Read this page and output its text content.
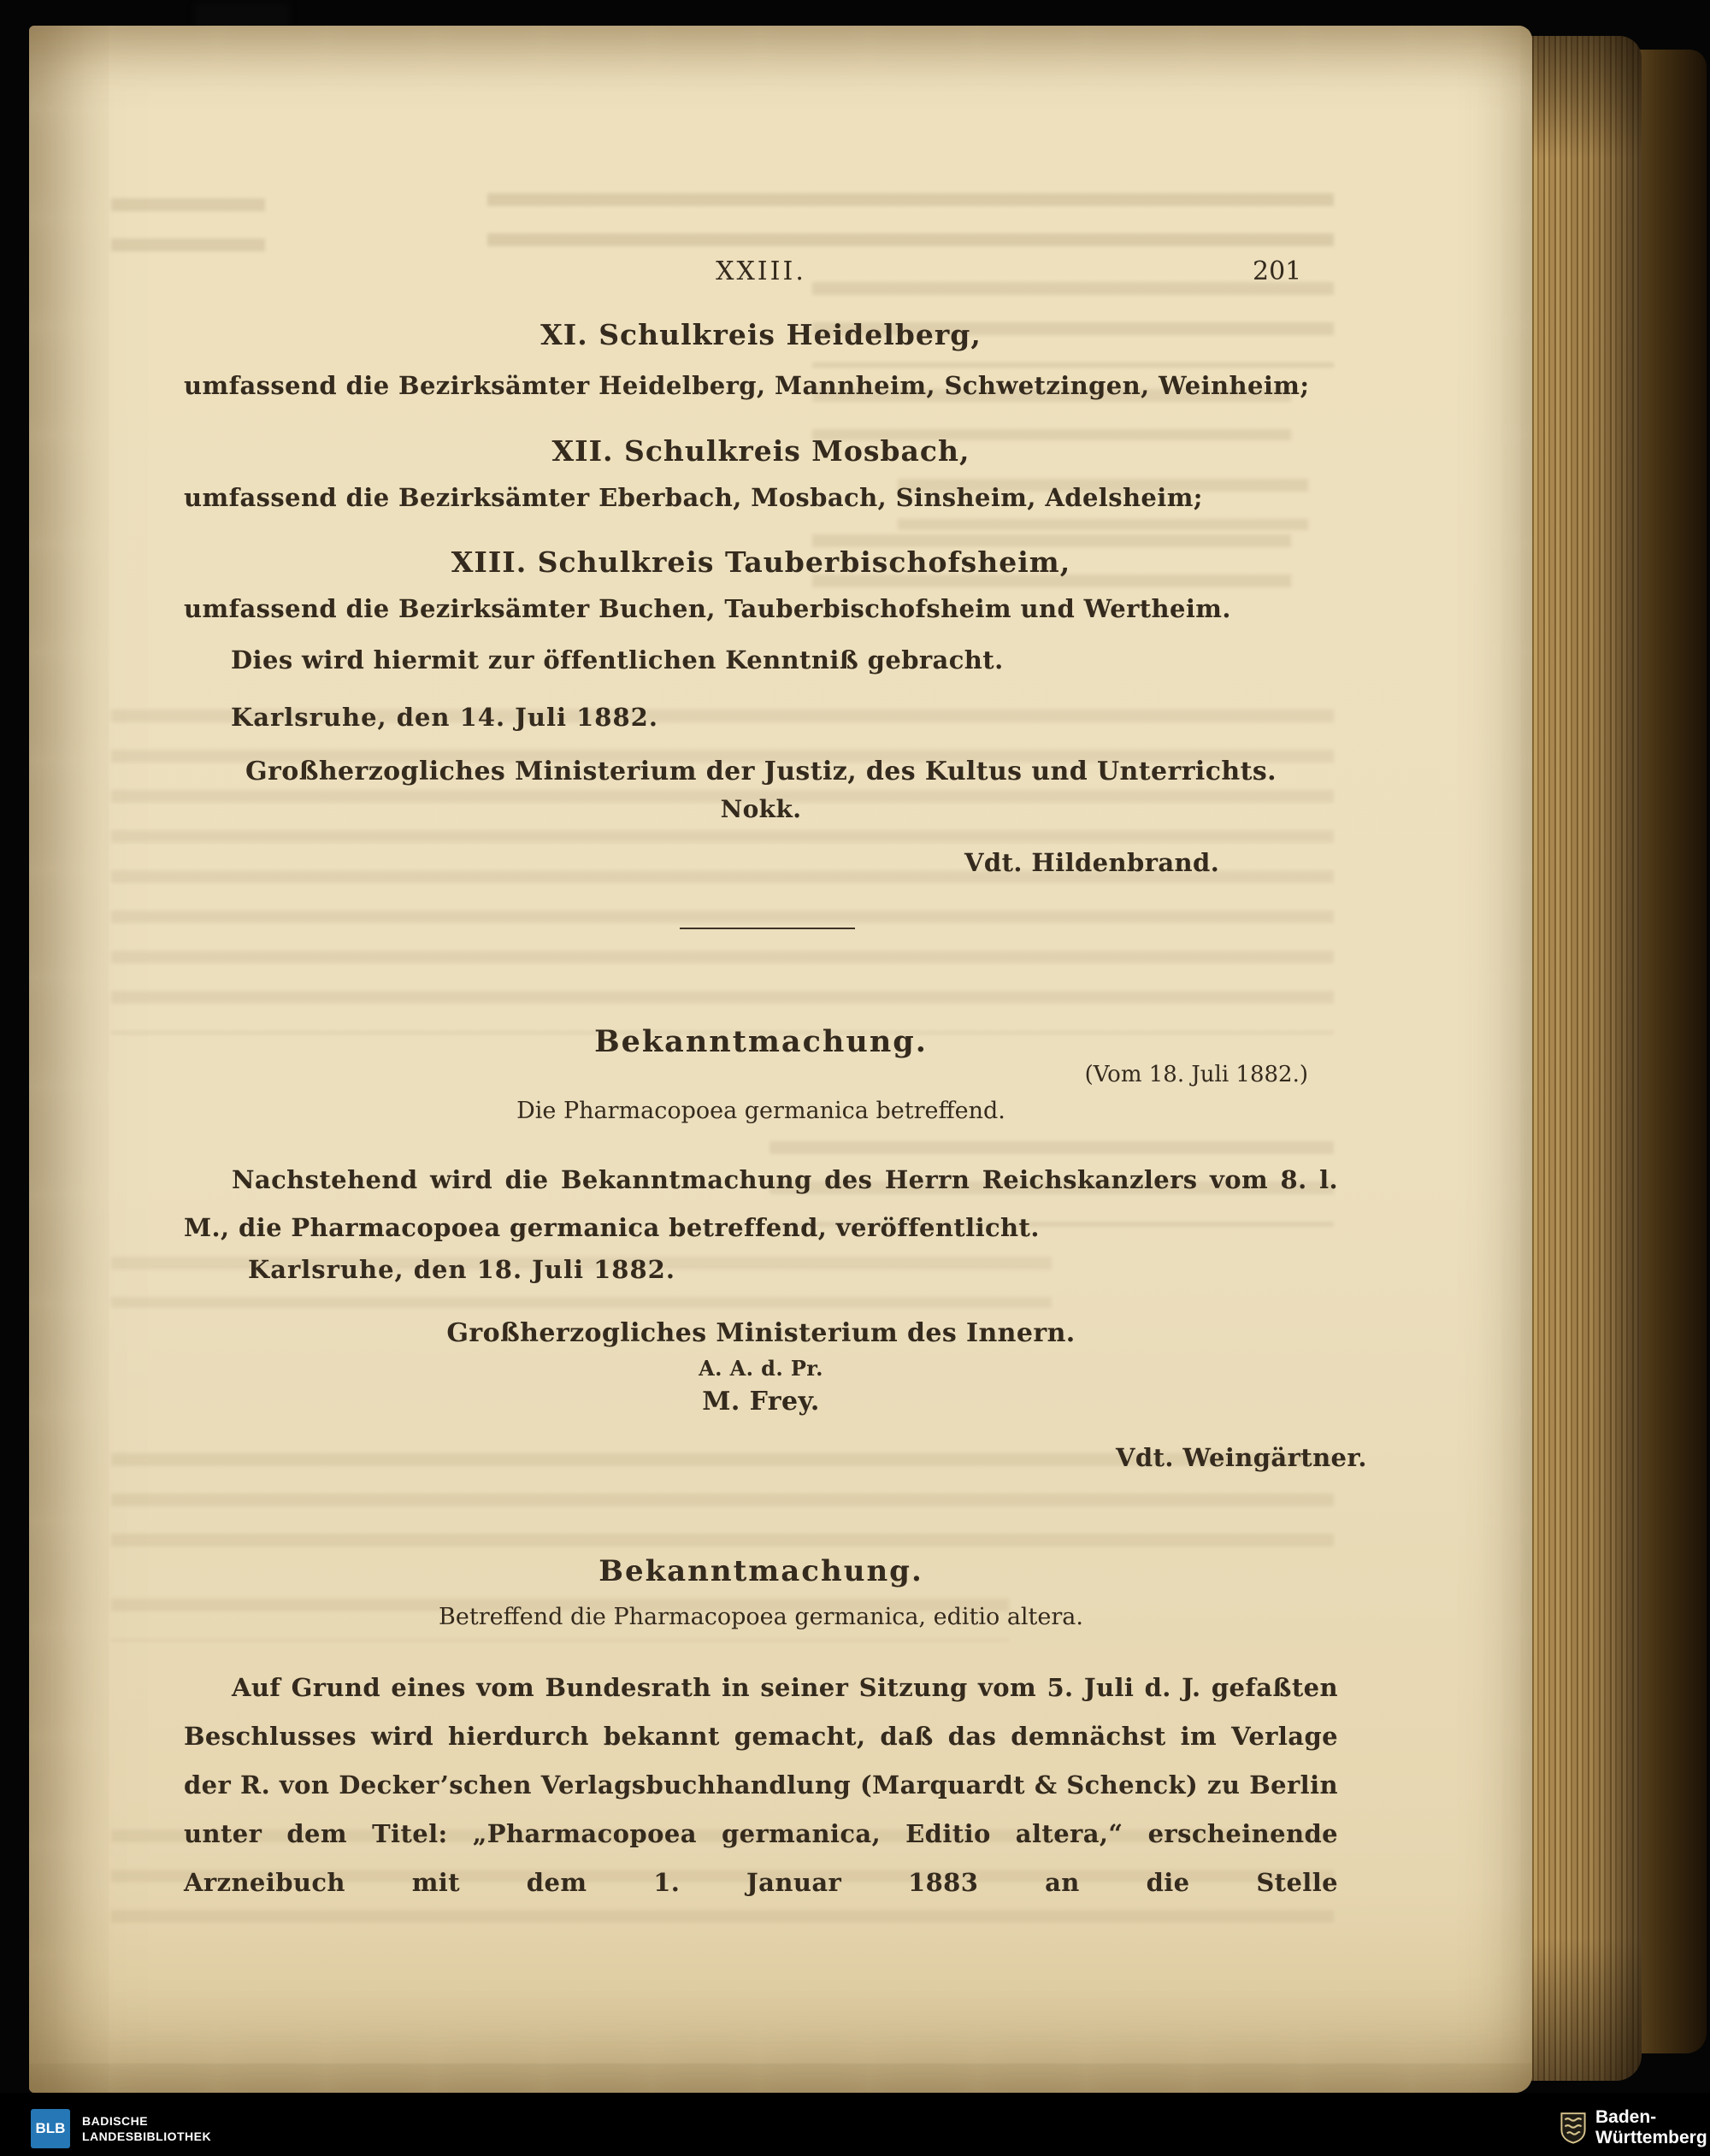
XXIII.	201
XI. Schulkreis Heidelberg,
umfassend die Bezirksämter Heidelberg, Mannheim, Schwetzingen, Weinheim;
XII. Schulkreis Mosbach,
umfassend die Bezirksämter Eberbach, Mosbach, Sinsheim, Adelsheim;
XIII. Schulkreis Tauberbischofsheim,
umfassend die Bezirksämter Buchen, Tauberbischofsheim und Wertheim.
Dies wird hiermit zur öffentlichen Kenntniß gebracht.
Karlsruhe, den 14. Juli 1882.
Großherzogliches Ministerium der Justiz, des Kultus und Unterrichts.
Nokk.
Vdt. Hildenbrand.
Bekanntmachung.
(Vom 18. Juli 1882.)
Die Pharmacopoea germanica betreffend.
Nachstehend wird die Bekanntmachung des Herrn Reichskanzlers vom 8. l. M., die Pharmacopoea germanica betreffend, veröffentlicht.
Karlsruhe, den 18. Juli 1882.
Großherzogliches Ministerium des Innern.
A. A. d. Pr.
M. Frey.
Vdt. Weingärtner.
Bekanntmachung.
Betreffend die Pharmacopoea germanica, editio altera.
Auf Grund eines vom Bundesrath in seiner Sitzung vom 5. Juli d. J. gefaßten Beschlusses wird hierdurch bekannt gemacht, daß das demnächst im Verlage der R. von Decker’schen Verlagsbuchhandlung (Marquardt & Schenck) zu Berlin unter dem Titel: „Pharmacopoea germanica, Editio altera,“ erscheinende Arzneibuch mit dem 1. Januar 1883 an die Stelle
BLB BADISCHE
LANDESBIBLIOTHEK
Baden-Württemberg
